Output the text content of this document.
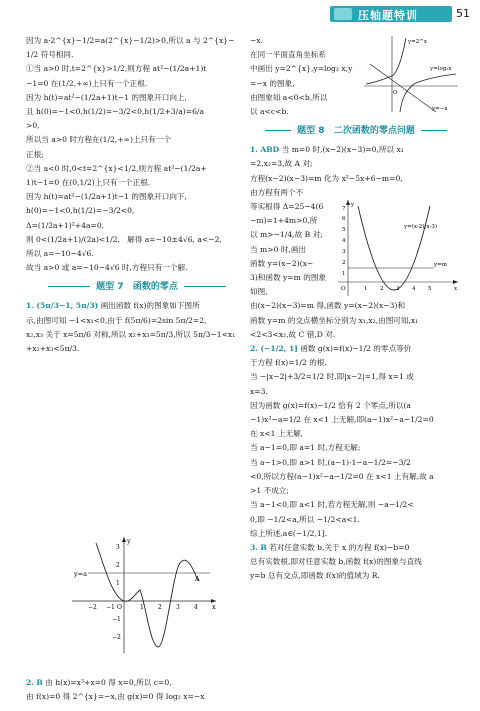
压轴题特训	51

因为 a·2^{x}−1/2=a(2^{x}−1/2)>0,所以 a 与 2^{x}−

1/2 符号相同.

①当 a>0 时,t=2^{x}>1/2,则方程 at²−(1/2a+1)t

−1=0 在(1/2,+∞)上只有一个正根.

因为 h(t)=at²−(1/2a+1)t−1 的图象开口向上,

且 h(0)=−1<0,h(1/2)=−3/2<0,h(1/2+3/a)=6/a

>0,

所以当 a>0 时方程在(1/2,+∞)上只有一个

正根;

②当 a<0 时,0<t=2^{x}<1/2,则方程 at²−(1/2a+

1)t−1=0 在(0,1/2)上只有一个正根.

因为 h(t)=at²−(1/2a+1)t−1 的图象开口向下,

h(0)=−1<0,h(1/2)=−3/2<0,

Δ=(1/2a+1)²+4a=0,

则 0<(1/2a+1)/(2a)<1/2,   解得 a=−10±4√6, a<−2,

所以 a=−10−4√6.

故当 a>0 或 a=−10−4√6 时,方程只有一个解.

题型 7   函数的零点

1. (5π/3−1, 5π/3) 画出函数 f(x)的图象如下图所

示,由图可知 −1<x₁<0,由于 f(5π/6)=2sin 5π/2=2,

x₂,x₃ 关于 x=5π/6 对称,所以 x₂+x₃=5π/3,所以 5π/3−1<x₁

+x₂+x₃<5π/3.

y=a
A
x
y
−2 −1 O	1 2 3 4
3
2
1
−1
−2

2. B 由 h(x)=x³+x=0 得 x=0,所以 c=0,

由 f(x)=0 得 2^{x}=−x,由 g(x)=0 得 log₂ x=−x

−x.

在同一平面直角坐标系

中画出 y=2^{x},y=log₂ x,y

=−x 的图象,

由图象知 a<0<b,所以

以 a<c<b.

题型 8   二次函数的零点问题

1. ABD 当 m=0 时,(x−2)(x−3)=0,所以 x₁

=2,x₂=3,故 A 对;

方程(x−2)(x−3)=m 化为 x²−5x+6−m=0,

由方程有两个不

等实根得 Δ=25−4(6

−m)=1+4m>0,所

以 m>−1/4,故 B 对;

当 m>0 时,画出

函数 y=(x−2)(x−

3)和函数 y=m 的图象

如图,

由(x−2)(x−3)=m 得,函数 y=(x−2)(x−3)和

函数 y=m 的交点横坐标分别为 x₁,x₂,由图可知,x₁

<2<3<x₂,故 C 错,D 对.

2. (−1/2, 1] 函数 g(x)=f(x)−1/2 的零点等价

于方程 f(x)=1/2 的根.

当 −|x−2|+3/2=1/2 时,即|x−2|=1,得 x=1 或

x=3.

因为函数 g(x)=f(x)−1/2 恰有 2 个零点,所以(a

−1)x²−a=1/2 在 x<1 上无解,即(a−1)x²−a−1/2=0

在 x<1 上无解,

当 a−1=0,即 a=1 时,方程无解;

当 a−1>0,即 a>1 时,(a−1)·1−a−1/2=−3/2

<0,所以方程(a−1)x²−a−1/2=0 在 x<1 上有解,故 a

>1 不成立;

当 a−1<0,即 a<1 时,若方程无解,则 −a−1/2<

0,即 −1/2<a,所以 −1/2<a<1.

综上所述,a∈(−1/2,1].

3. B 若对任意实数 b,关于 x 的方程 f(x)−b=0

总有实数根,即对任意实数 b,函数 f(x)的图象与直线

y=b 总有交点,即函数 f(x)的值域为 R.

y=2^x
y=log₂x
y=−x
O
y=(x-2)(x-3)
y=m
O	x
y
1 2 3 4 5
7
6
5
4
3
2
1
